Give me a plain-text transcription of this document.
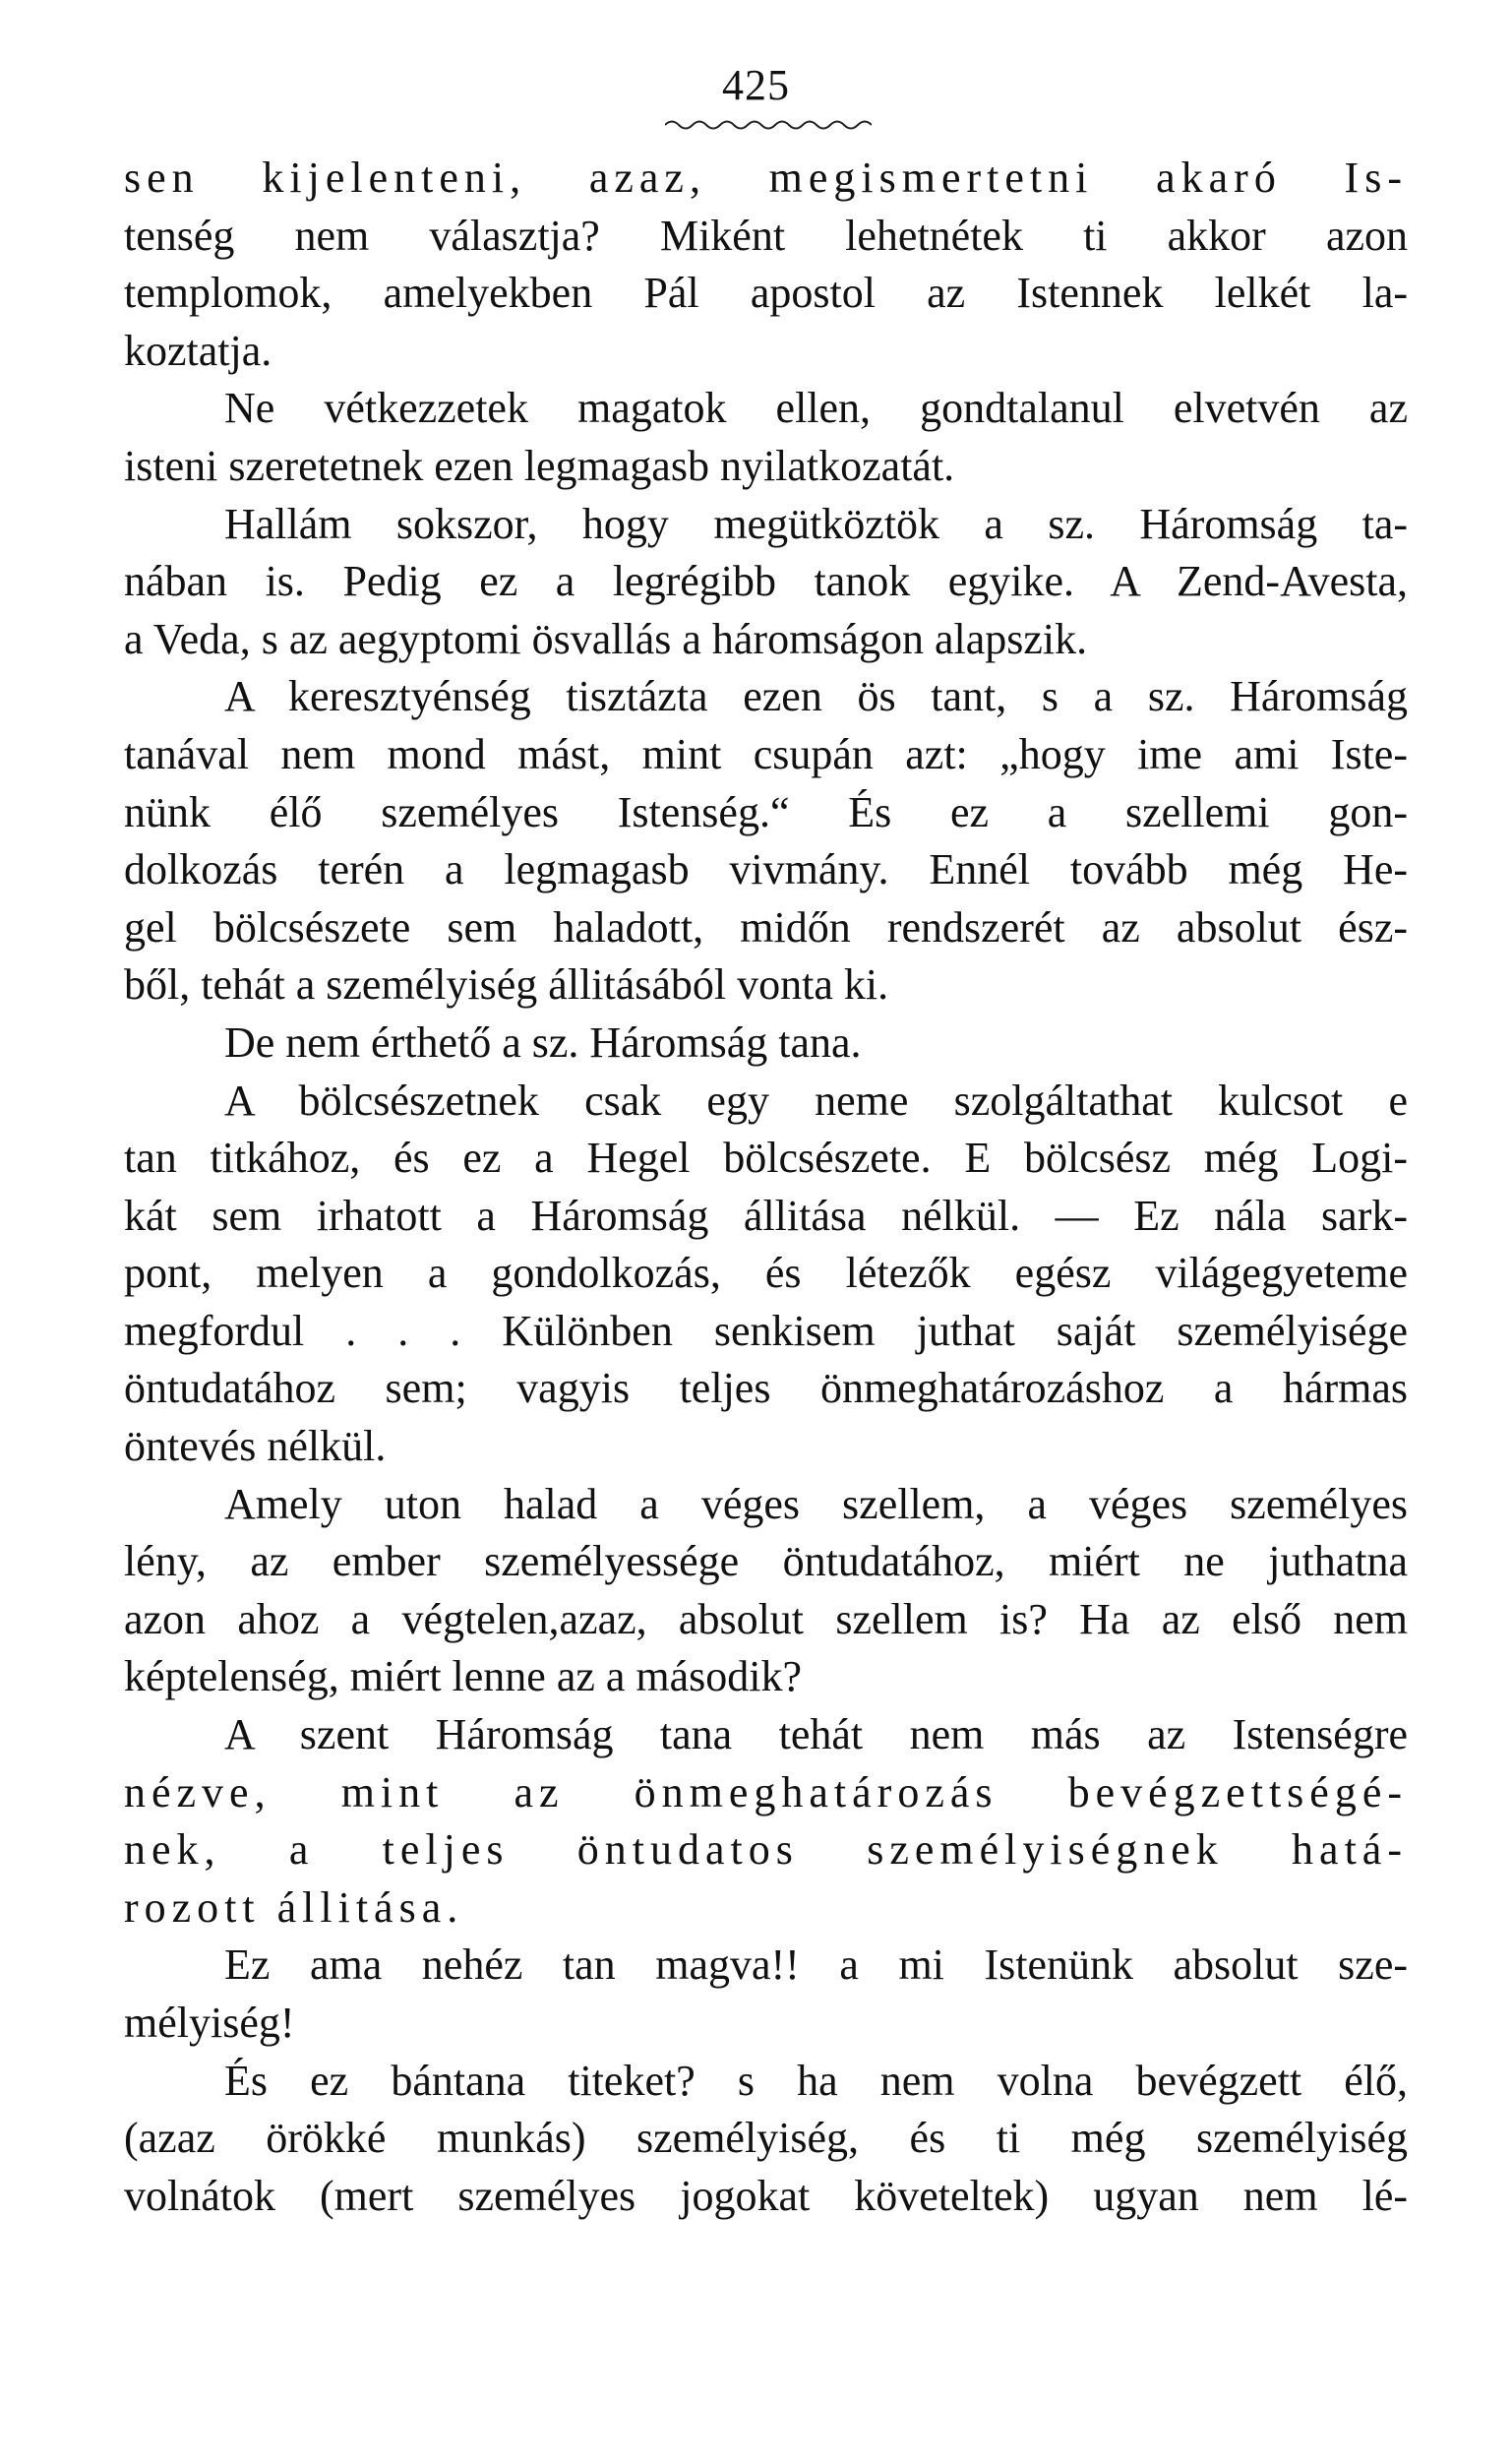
425
sen kijelenteni, azaz, megismertetni akaró Is-
tenség nem választja? Miként lehetnétek ti akkor azon
templomok, amelyekben Pál apostol az Istennek lelkét la-
koztatja.
Ne vétkezzetek magatok ellen, gondtalanul elvetvén az
isteni szeretetnek ezen legmagasb nyilatkozatát.
Hallám sokszor, hogy megütköztök a sz. Háromság ta-
nában is. Pedig ez a legrégibb tanok egyike. A Zend-Avesta,
a Veda, s az aegyptomi ösvallás a háromságon alapszik.
A keresztyénség tisztázta ezen ös tant, s a sz. Háromság
tanával nem mond mást, mint csupán azt: „hogy ime ami Iste-
nünk élő személyes Istenség.“ És ez a szellemi gon-
dolkozás terén a legmagasb vivmány. Ennél tovább még He-
gel bölcsészete sem haladott, midőn rendszerét az absolut ész-
ből, tehát a személyiség állitásából vonta ki.
De nem érthető a sz. Háromság tana.
A bölcsészetnek csak egy neme szolgáltathat kulcsot e
tan titkához, és ez a Hegel bölcsészete. E bölcsész még Logi-
kát sem irhatott a Háromság állitása nélkül. — Ez nála sark-
pont, melyen a gondolkozás, és létezők egész világegyeteme
megfordul . . . Különben senkisem juthat saját személyisége
öntudatához sem; vagyis teljes önmeghatározáshoz a hármas
öntevés nélkül.
Amely uton halad a véges szellem, a véges személyes
lény, az ember személyessége öntudatához, miért ne juthatna
azon ahoz a végtelen,azaz, absolut szellem is? Ha az első nem
képtelenség, miért lenne az a második?
A szent Háromság tana tehát nem más az Istenségre
nézve, mint az önmeghatározás bevégzettségé-
nek, a teljes öntudatos személyiségnek hatá-
rozott állitása.
Ez ama nehéz tan magva!! a mi Istenünk absolut sze-
mélyiség!
És ez bántana titeket? s ha nem volna bevégzett élő,
(azaz örökké munkás) személyiség, és ti még személyiség
volnátok (mert személyes jogokat követeltek) ugyan nem lé-
